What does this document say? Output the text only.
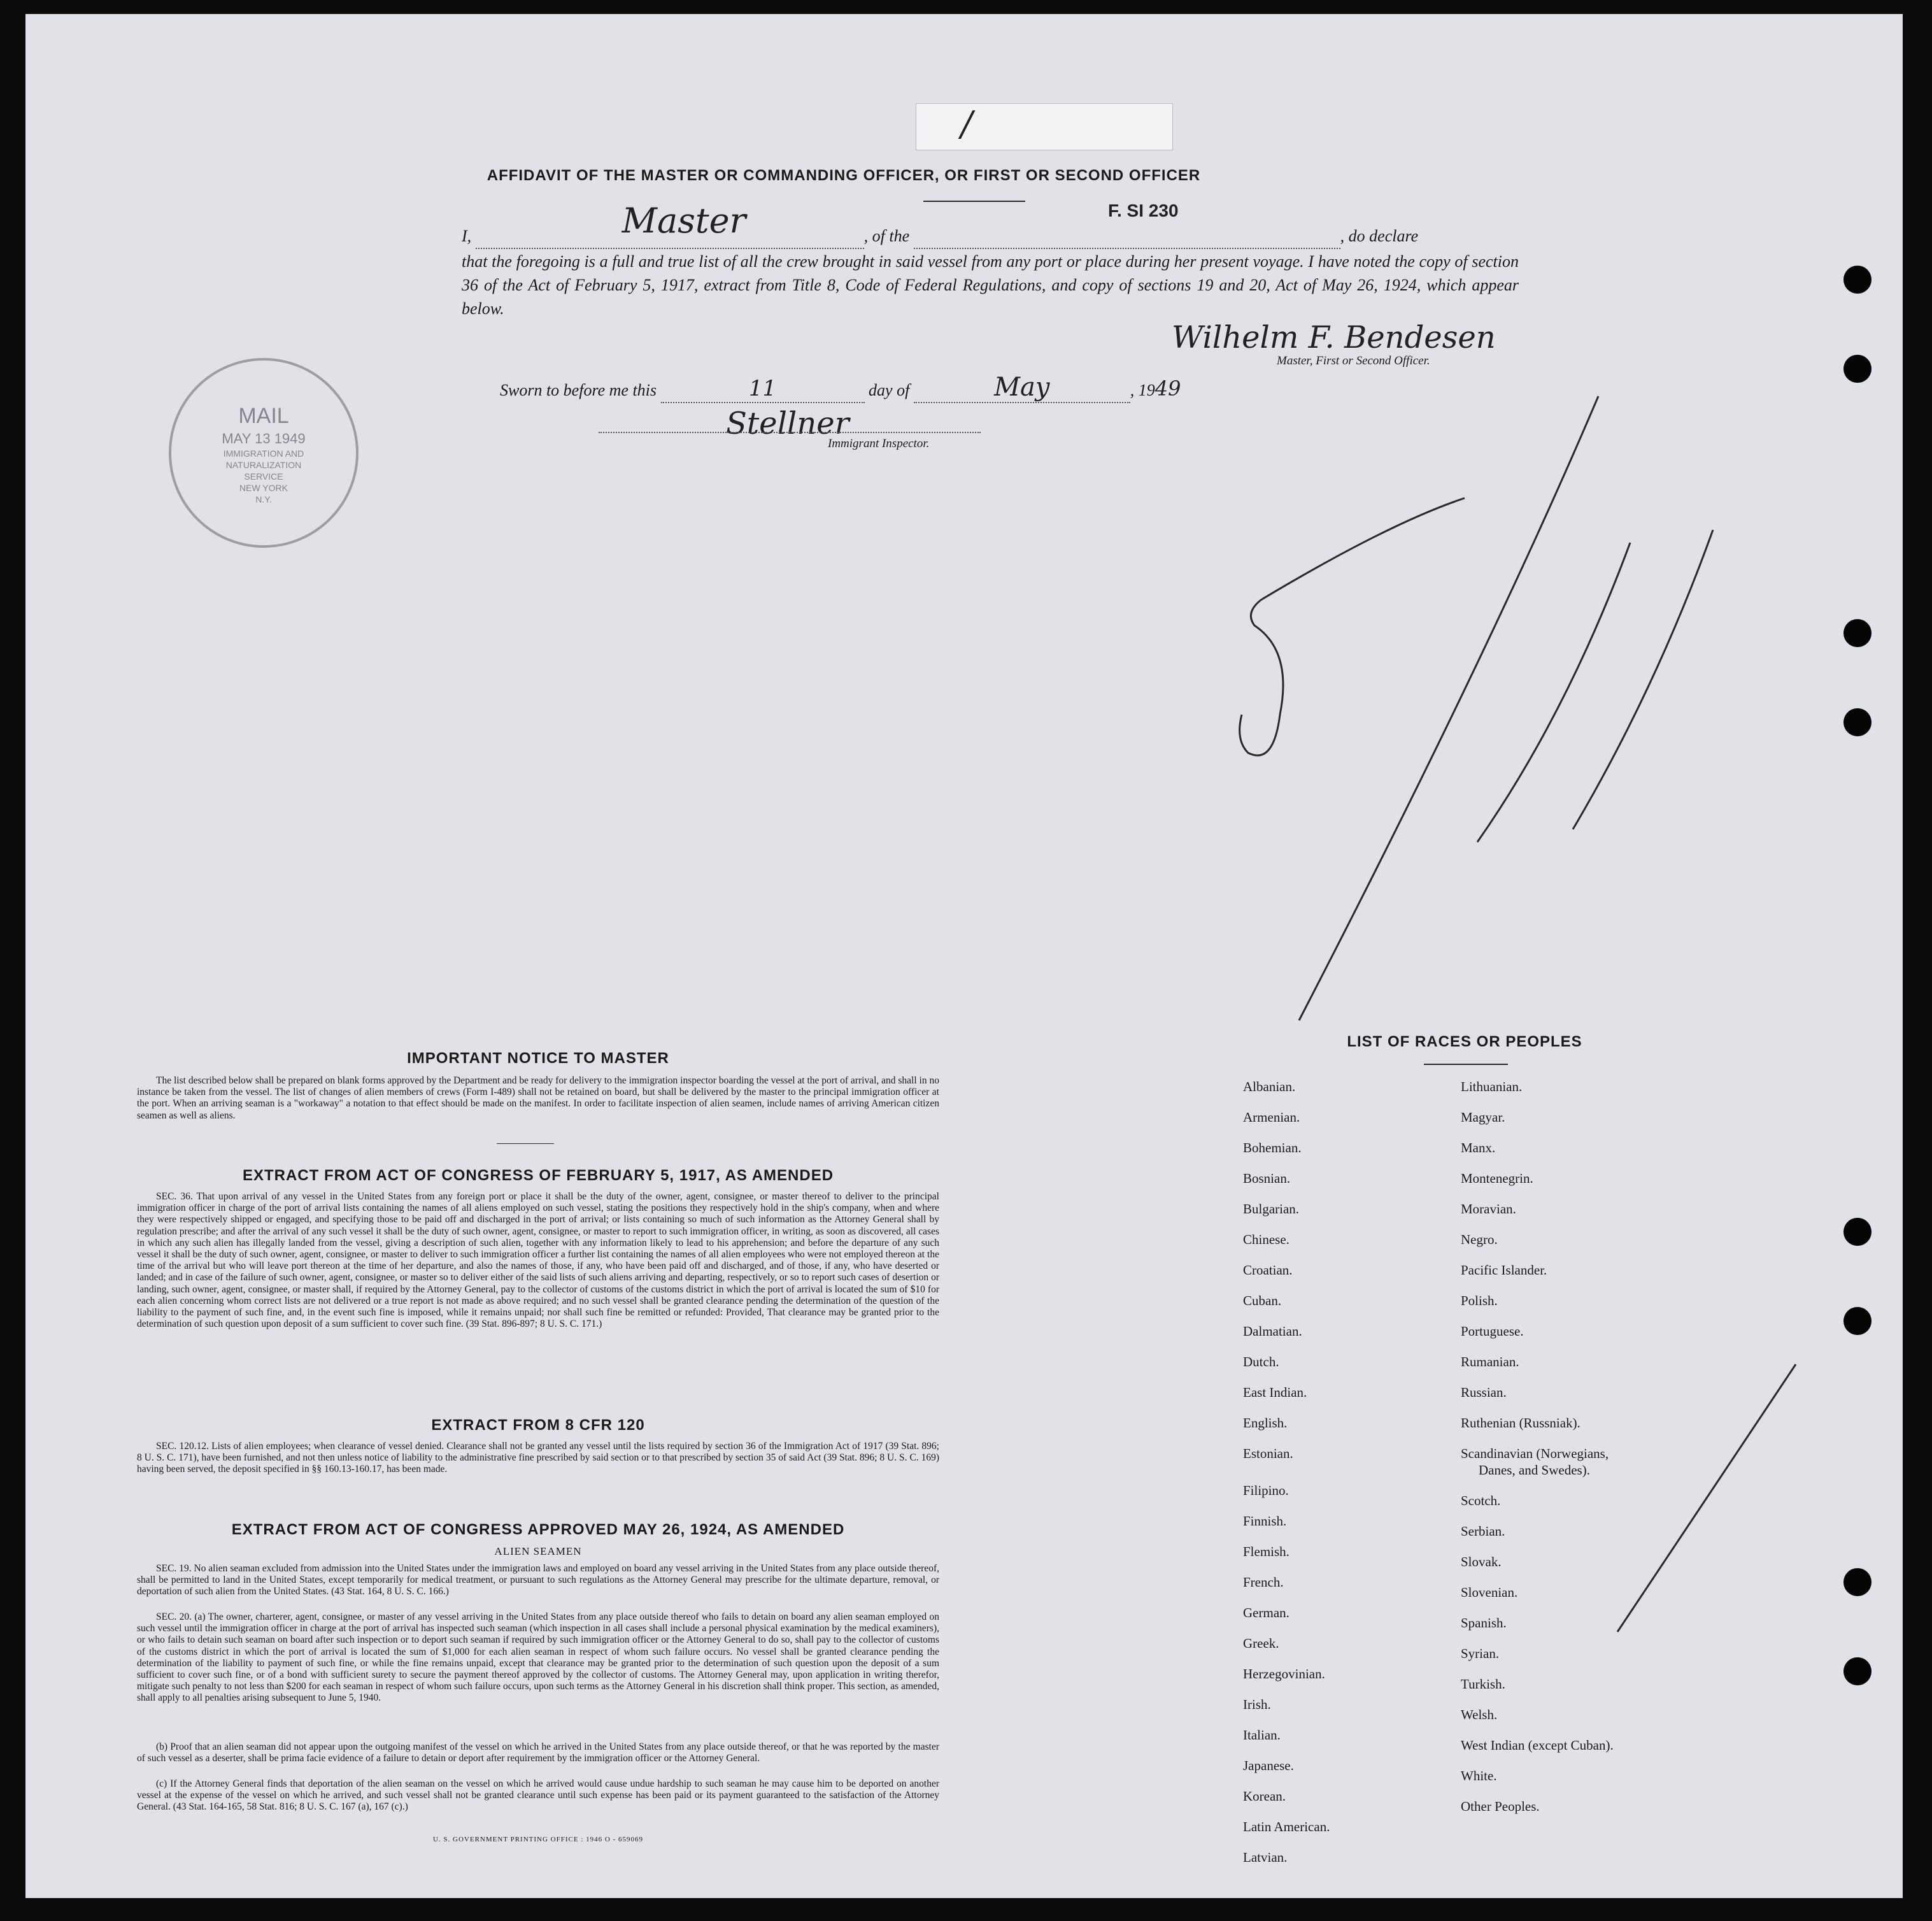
/
AFFIDAVIT OF THE MASTER OR COMMANDING OFFICER, OR FIRST OR SECOND OFFICER
I,	Master	, of the	, do declare
F. SI 230
that the foregoing is a full and true list of all the crew brought in said vessel from any port or place during her present voyage. I have noted the copy of section 36 of the Act of February 5, 1917, extract from Title 8, Code of Federal Regulations, and copy of sections 19 and 20, Act of May 26, 1924, which appear below.
Wilhelm F. Bendesen
Master, First or Second Officer.
Sworn to before me this	11	day of	May	, 1949
Stellner
Immigrant Inspector.
MAIL
MAY 13 1949
IMMIGRATION AND
NATURALIZATION
SERVICE
NEW YORK
N.Y.
5/11
IMPORTANT NOTICE TO MASTER
The list described below shall be prepared on blank forms approved by the Department and be ready for delivery to the immigration inspector boarding the vessel at the port of arrival, and shall in no instance be taken from the vessel. The list of changes of alien members of crews (Form I-489) shall not be retained on board, but shall be delivered by the master to the principal immigration officer at the port. When an arriving seaman is a "workaway" a notation to that effect should be made on the manifest. In order to facilitate inspection of alien seamen, include names of arriving American citizen seamen as well as aliens.
EXTRACT FROM ACT OF CONGRESS OF FEBRUARY 5, 1917, AS AMENDED
SEC. 36. That upon arrival of any vessel in the United States from any foreign port or place it shall be the duty of the owner, agent, consignee, or master thereof to deliver to the principal immigration officer in charge of the port of arrival lists containing the names of all aliens employed on such vessel, stating the positions they respectively hold in the ship's company, when and where they were respectively shipped or engaged, and specifying those to be paid off and discharged in the port of arrival; or lists containing so much of such information as the Attorney General shall by regulation prescribe; and after the arrival of any such vessel it shall be the duty of such owner, agent, consignee, or master to report to such immigration officer, in writing, as soon as discovered, all cases in which any such alien has illegally landed from the vessel, giving a description of such alien, together with any information likely to lead to his apprehension; and before the departure of any such vessel it shall be the duty of such owner, agent, consignee, or master to deliver to such immigration officer a further list containing the names of all alien employees who were not employed thereon at the time of the arrival but who will leave port thereon at the time of her departure, and also the names of those, if any, who have been paid off and discharged, and of those, if any, who have deserted or landed; and in case of the failure of such owner, agent, consignee, or master so to deliver either of the said lists of such aliens arriving and departing, respectively, or so to report such cases of desertion or landing, such owner, agent, consignee, or master shall, if required by the Attorney General, pay to the collector of customs of the customs district in which the port of arrival is located the sum of $10 for each alien concerning whom correct lists are not delivered or a true report is not made as above required; and no such vessel shall be granted clearance pending the determination of the question of the liability to the payment of such fine, and, in the event such fine is imposed, while it remains unpaid; nor shall such fine be remitted or refunded: Provided, That clearance may be granted prior to the determination of such question upon deposit of a sum sufficient to cover such fine. (39 Stat. 896-897; 8 U. S. C. 171.)
EXTRACT FROM 8 CFR 120
SEC. 120.12. Lists of alien employees; when clearance of vessel denied. Clearance shall not be granted any vessel until the lists required by section 36 of the Immigration Act of 1917 (39 Stat. 896; 8 U. S. C. 171), have been furnished, and not then unless notice of liability to the administrative fine prescribed by said section or to that prescribed by section 35 of said Act (39 Stat. 896; 8 U. S. C. 169) having been served, the deposit specified in §§ 160.13-160.17, has been made.
EXTRACT FROM ACT OF CONGRESS APPROVED MAY 26, 1924, AS AMENDED
ALIEN SEAMEN
SEC. 19. No alien seaman excluded from admission into the United States under the immigration laws and employed on board any vessel arriving in the United States from any place outside thereof, shall be permitted to land in the United States, except temporarily for medical treatment, or pursuant to such regulations as the Attorney General may prescribe for the ultimate departure, removal, or deportation of such alien from the United States. (43 Stat. 164, 8 U. S. C. 166.)
SEC. 20. (a) The owner, charterer, agent, consignee, or master of any vessel arriving in the United States from any place outside thereof who fails to detain on board any alien seaman employed on such vessel until the immigration officer in charge at the port of arrival has inspected such seaman (which inspection in all cases shall include a personal physical examination by the medical examiners), or who fails to detain such seaman on board after such inspection or to deport such seaman if required by such immigration officer or the Attorney General to do so, shall pay to the collector of customs of the customs district in which the port of arrival is located the sum of $1,000 for each alien seaman in respect of whom such failure occurs. No vessel shall be granted clearance pending the determination of the liability to payment of such fine, or while the fine remains unpaid, except that clearance may be granted prior to the determination of such question upon the deposit of a sum sufficient to cover such fine, or of a bond with sufficient surety to secure the payment thereof approved by the collector of customs. The Attorney General may, upon application in writing therefor, mitigate such penalty to not less than $200 for each seaman in respect of whom such failure occurs, upon such terms as the Attorney General in his discretion shall think proper. This section, as amended, shall apply to all penalties arising subsequent to June 5, 1940.
(b) Proof that an alien seaman did not appear upon the outgoing manifest of the vessel on which he arrived in the United States from any place outside thereof, or that he was reported by the master of such vessel as a deserter, shall be prima facie evidence of a failure to detain or deport after requirement by the immigration officer or the Attorney General.
(c) If the Attorney General finds that deportation of the alien seaman on the vessel on which he arrived would cause undue hardship to such seaman he may cause him to be deported on another vessel at the expense of the vessel on which he arrived, and such vessel shall not be granted clearance until such expense has been paid or its payment guaranteed to the satisfaction of the Attorney General. (43 Stat. 164-165, 58 Stat. 816; 8 U. S. C. 167 (a), 167 (c).)
U. S. GOVERNMENT PRINTING OFFICE : 1946 O - 659069
LIST OF RACES OR PEOPLES
Albanian.
Armenian.
Bohemian.
Bosnian.
Bulgarian.
Chinese.
Croatian.
Cuban.
Dalmatian.
Dutch.
East Indian.
English.
Estonian.
Filipino.
Finnish.
Flemish.
French.
German.
Greek.
Herzegovinian.
Irish.
Italian.
Japanese.
Korean.
Latin American.
Latvian.
Lithuanian.
Magyar.
Manx.
Montenegrin.
Moravian.
Negro.
Pacific Islander.
Polish.
Portuguese.
Rumanian.
Russian.
Ruthenian (Russniak).
Scandinavian (Norwegians,
Danes, and Swedes).
Scotch.
Serbian.
Slovak.
Slovenian.
Spanish.
Syrian.
Turkish.
Welsh.
West Indian (except Cuban).
White.
Other Peoples.
